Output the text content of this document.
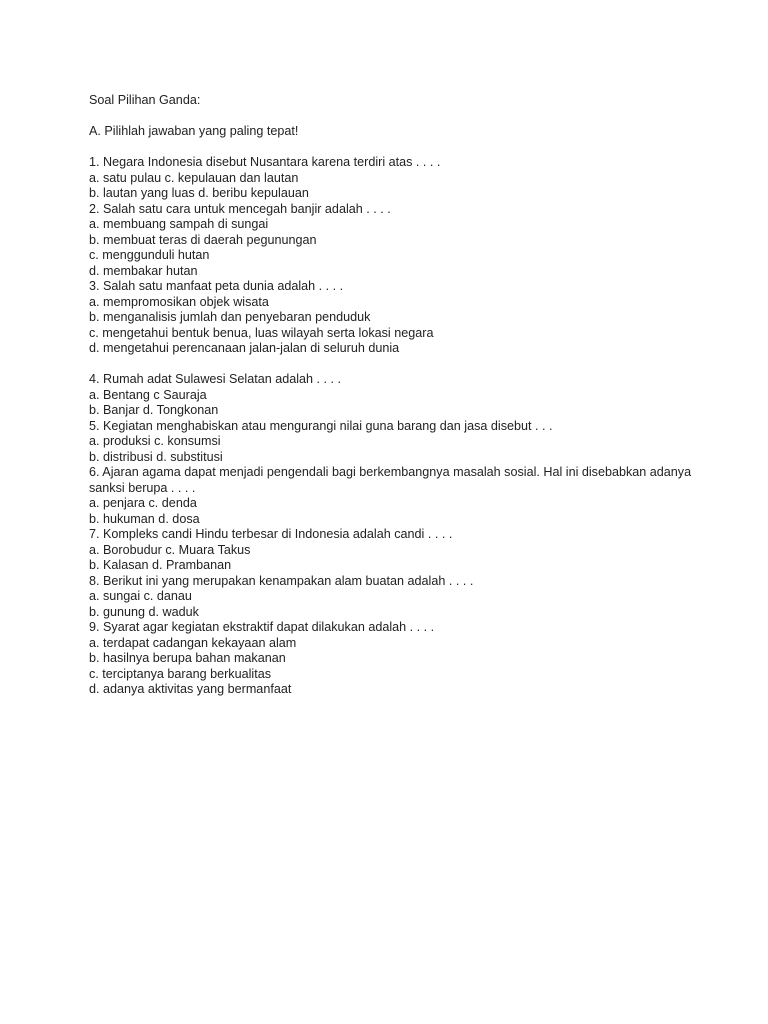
Soal Pilihan Ganda:

A. Pilihlah jawaban yang paling tepat!

1. Negara Indonesia disebut Nusantara karena terdiri atas . . . .

a. satu pulau c. kepulauan dan lautan

b. lautan yang luas d. beribu kepulauan

2. Salah satu cara untuk mencegah banjir adalah . . . .

a. membuang sampah di sungai

b. membuat teras di daerah pegunungan

c. menggunduli hutan

d. membakar hutan

3. Salah satu manfaat peta dunia adalah . . . .

a. mempromosikan objek wisata

b. menganalisis jumlah dan penyebaran penduduk

c. mengetahui bentuk benua, luas wilayah serta lokasi negara

d. mengetahui perencanaan jalan-jalan di seluruh dunia

4. Rumah adat Sulawesi Selatan adalah . . . .

a. Bentang c Sauraja

b. Banjar d. Tongkonan

5. Kegiatan menghabiskan atau mengurangi nilai guna barang dan jasa disebut . . .

a. produksi c. konsumsi

b. distribusi d. substitusi

6. Ajaran agama dapat menjadi pengendali bagi berkembangnya masalah sosial. Hal ini disebabkan adanya sanksi berupa . . . .

a. penjara c. denda

b. hukuman d. dosa

7. Kompleks candi Hindu terbesar di Indonesia adalah candi . . . .

a. Borobudur c. Muara Takus

b. Kalasan d. Prambanan

8. Berikut ini yang merupakan kenampakan alam buatan adalah . . . .

a. sungai c. danau

b. gunung d. waduk

9. Syarat agar kegiatan ekstraktif dapat dilakukan adalah . . . .

a. terdapat cadangan kekayaan alam

b. hasilnya berupa bahan makanan

c. terciptanya barang berkualitas

d. adanya aktivitas yang bermanfaat
